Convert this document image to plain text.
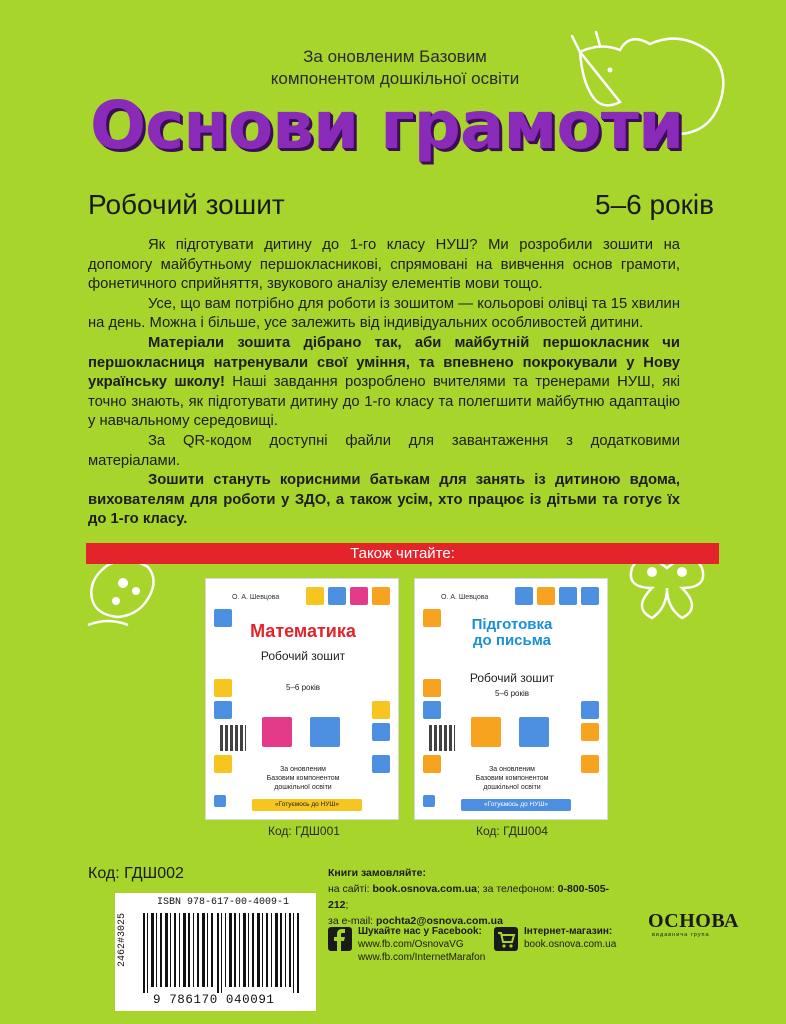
За оновленим Базовим
компонентом дошкільної освіти
Основи грамоти
Робочий зошит	5–6 років

Як підготувати дитину до 1-го класу НУШ? Ми розробили зошити на допомогу майбутньому першокласникові, спрямовані на вивчення основ грамоти, фонетичного сприйняття, звукового аналізу елементів мови тощо.

Усе, що вам потрібно для роботи із зошитом — кольорові олівці та 15 хвилин на день. Можна і більше, усе залежить від індивідуальних особливостей дитини.

Матеріали зошита дібрано так, аби майбутній першокласник чи першокласниця натренували свої уміння, та впевнено покрокували у Нову українську школу! Наші завдання розроблено вчителями та тренерами НУШ, які точно знають, як підготувати дитину до 1-го класу та полегшити майбутню адаптацію у навчальному середовищі.

За QR-кодом доступні файли для завантаження з додатковими матеріалами.

Зошити стануть корисними батькам для занять із дитиною вдома, вихователям для роботи у ЗДО, а також усім, хто працює із дітьми та готує їх до 1-го класу.

Також читайте:
О. А. Шевцова
Математика
Робочий зошит
5–6 років
За оновленим
Базовим компонентом
дошкільної освіти
«Готуємось до НУШ»
О. А. Шевцова
Підготовка
до письма
Робочий зошит
5–6 років
За оновленим
Базовим компонентом
дошкільної освіти
«Готуємось до НУШ»
Код: ГДШ001	Код: ГДШ004
Код: ГДШ002
ISBN 978-617-00-4009-1
2462#3025
9 786170 040091
Книги замовляйте:
на сайті: book.osnova.com.ua; за телефоном: 0-800-505-212;
за e-mail: pochta2@osnova.com.ua
Шукайте нас у Facebook:
www.fb.com/OsnovaVG
www.fb.com/InternetMarafon
Інтернет-магазин:
book.osnova.com.ua
ОСНОВА
видавнича група
